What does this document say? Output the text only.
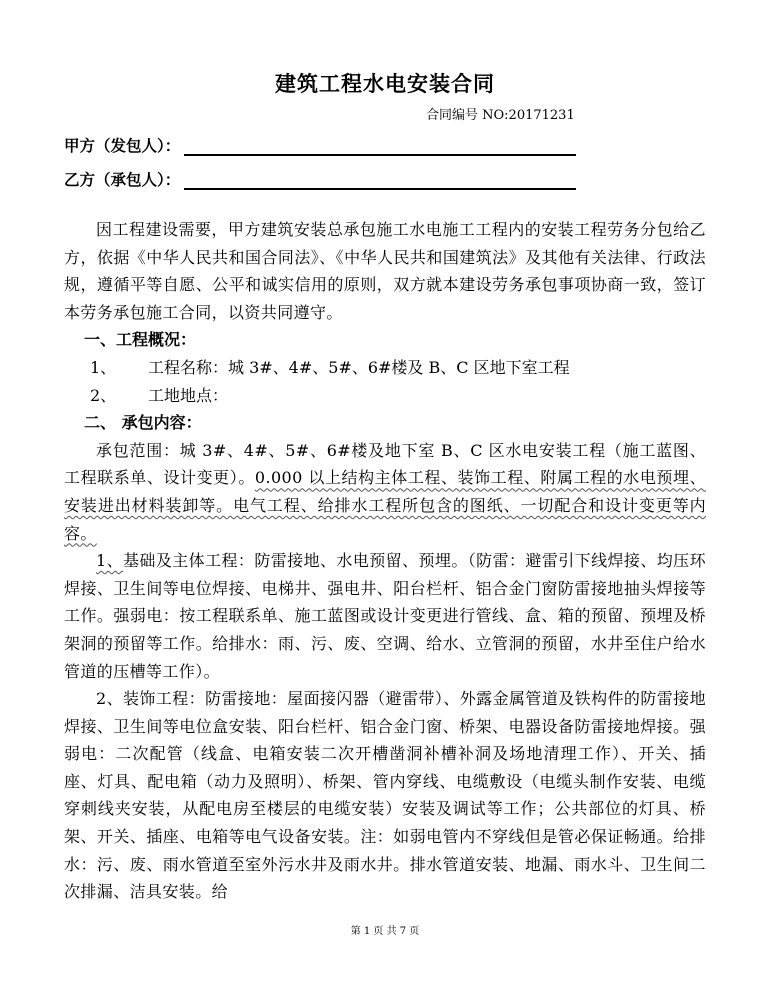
建筑工程水电安装合同
合同编号 NO:20171231
甲方（发包人）：
乙方（承包人）：

因工程建设需要，甲方建筑安装总承包施工水电施工工程内的安装工程劳务分包给乙方，依据《中华人民共和国合同法》、《中华人民共和国建筑法》及其他有关法律、行政法规，遵循平等自愿、公平和诚实信用的原则，双方就本建设劳务承包事项协商一致，签订本劳务承包施工合同，以资共同遵守。

一、工程概况：

1、 工程名称：城 3#、4#、5#、6#楼及 B、C 区地下室工程

2、 工地地点：

二、 承包内容：

承包范围：城 3#、4#、5#、6#楼及地下室 B、C 区水电安装工程（施工蓝图、工程联系单、设计变更）。0.000 以上结构主体工程、装饰工程、附属工程的水电预埋、安装进出材料装卸等。电气工程、给排水工程所包含的图纸、一切配合和设计变更等内容。

1、基础及主体工程：防雷接地、水电预留、预埋。（防雷：避雷引下线焊接、均压环焊接、卫生间等电位焊接、电梯井、强电井、阳台栏杆、铝合金门窗防雷接地抽头焊接等工作。强弱电：按工程联系单、施工蓝图或设计变更进行管线、盒、箱的预留、预埋及桥架洞的预留等工作。给排水：雨、污、废、空调、给水、立管洞的预留，水井至住户给水管道的压槽等工作）。

2、装饰工程：防雷接地：屋面接闪器（避雷带）、外露金属管道及铁构件的防雷接地焊接、卫生间等电位盒安装、阳台栏杆、铝合金门窗、桥架、电器设备防雷接地焊接。强弱电：二次配管（线盒、电箱安装二次开槽凿洞补槽补洞及场地清理工作）、开关、插座、灯具、配电箱（动力及照明）、桥架、管内穿线、电缆敷设（电缆头制作安装、电缆穿刺线夹安装，从配电房至楼层的电缆安装）安装及调试等工作；公共部位的灯具、桥架、开关、插座、电箱等电气设备安装。注：如弱电管内不穿线但是管必保证畅通。给排水：污、废、雨水管道至室外污水井及雨水井。排水管道安装、地漏、雨水斗、卫生间二次排漏、洁具安装。给

第 1 页 共 7 页
